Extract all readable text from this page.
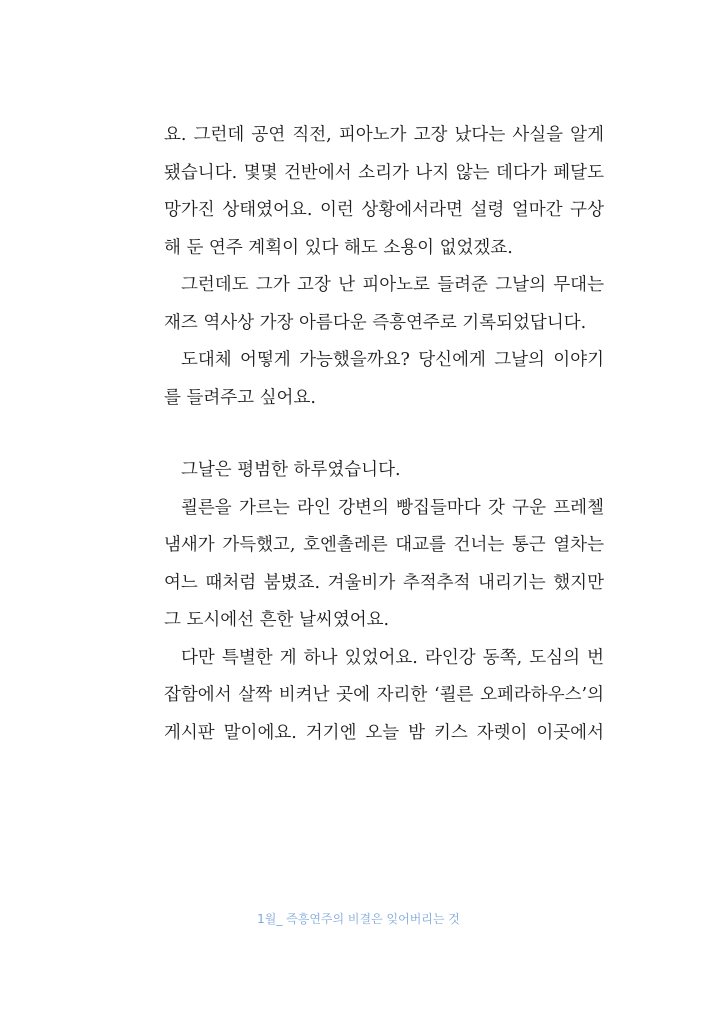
요. 그런데 공연 직전, 피아노가 고장 났다는 사실을 알게
됐습니다. 몇몇 건반에서 소리가 나지 않는 데다가 페달도
망가진 상태였어요. 이런 상황에서라면 설령 얼마간 구상
해 둔 연주 계획이 있다 해도 소용이 없었겠죠.
그런데도 그가 고장 난 피아노로 들려준 그날의 무대는
재즈 역사상 가장 아름다운 즉흥연주로 기록되었답니다.
도대체 어떻게 가능했을까요? 당신에게 그날의 이야기
를 들려주고 싶어요.
그날은 평범한 하루였습니다.
쾰른을 가르는 라인 강변의 빵집들마다 갓 구운 프레첼
냄새가 가득했고, 호엔촐레른 대교를 건너는 통근 열차는
여느 때처럼 붐볐죠. 겨울비가 추적추적 내리기는 했지만
그 도시에선 흔한 날씨였어요.
다만 특별한 게 하나 있었어요. 라인강 동쪽, 도심의 번
잡함에서 살짝 비켜난 곳에 자리한 ‘쾰른 오페라하우스’의
게시판 말이에요. 거기엔 오늘 밤 키스 자렛이 이곳에서
1월_ 즉흥연주의 비결은 잊어버리는 것
